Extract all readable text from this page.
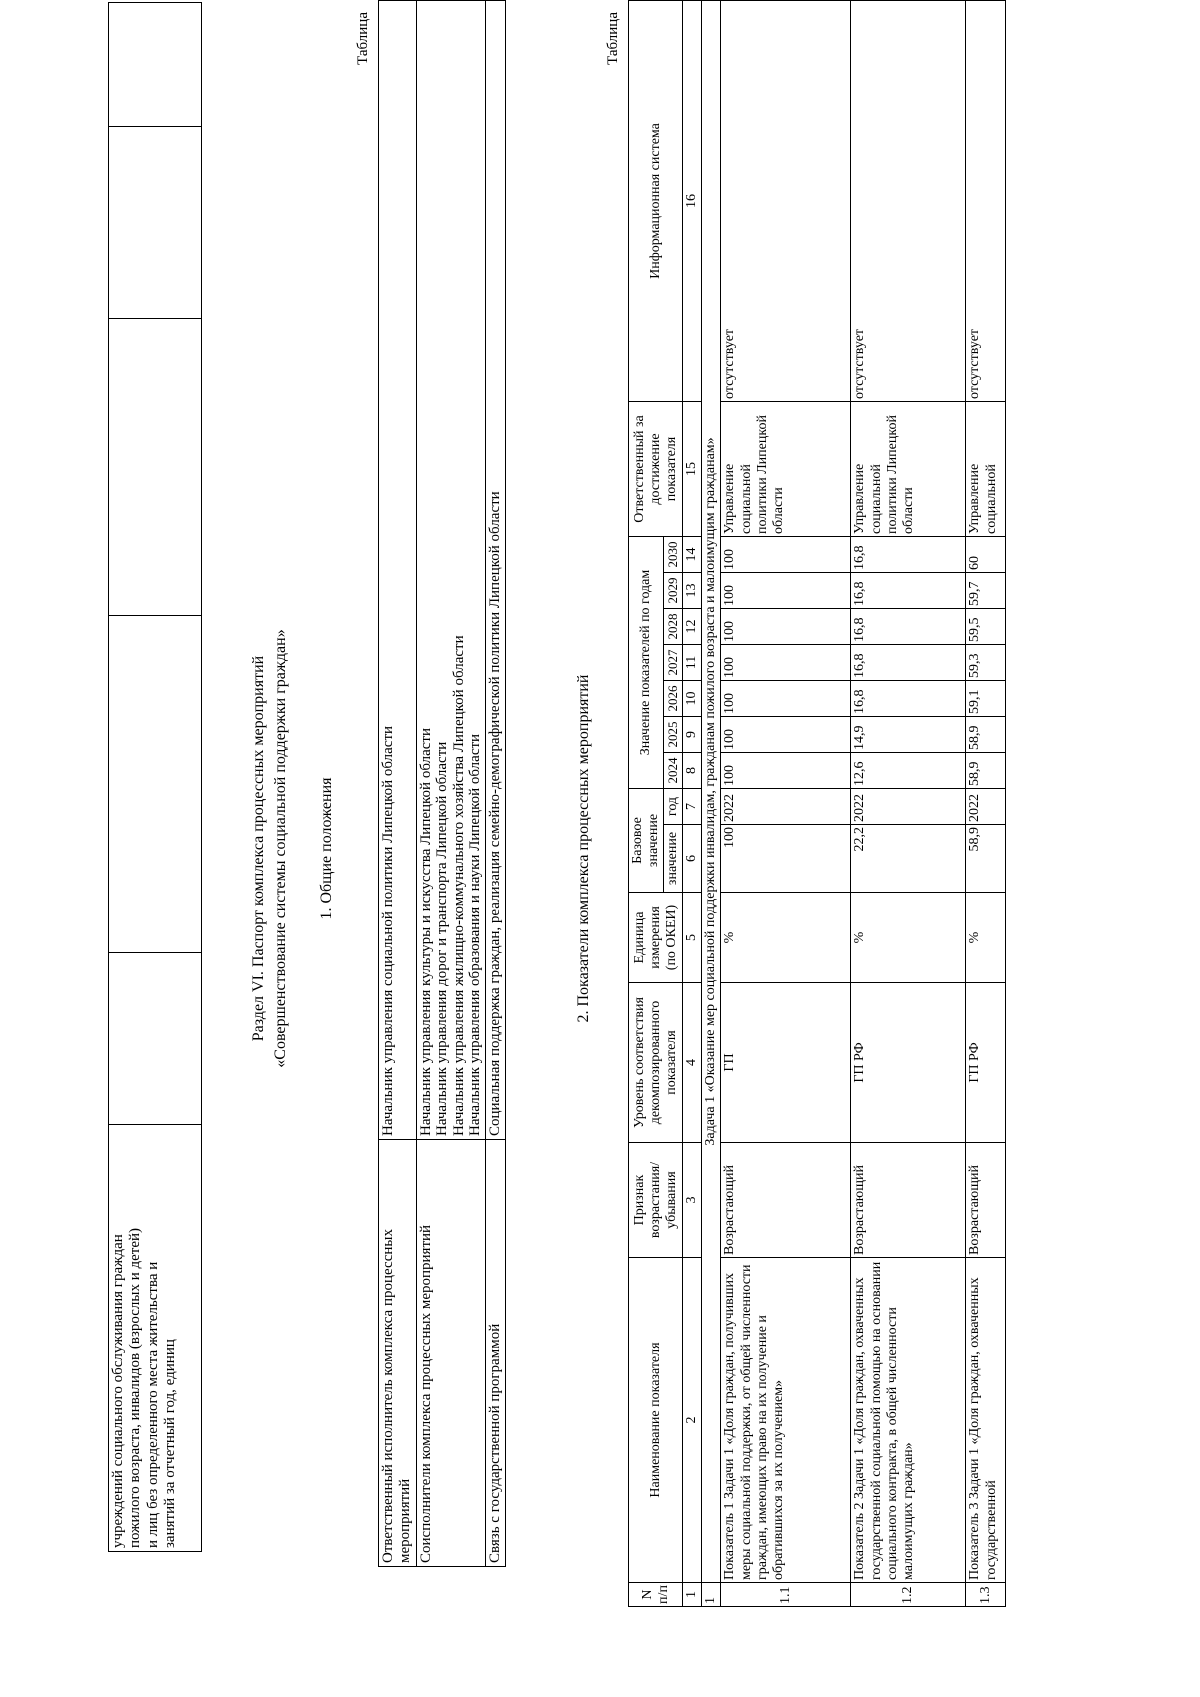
учреждений социального обслуживания граждан пожилого возраста, инвалидов (взрослых и детей) и лиц без определенного места жительства и занятий за отчетный год, единиц

Раздел VI. Паспорт комплекса процессных мероприятий «Совершенствование системы социальной поддержки граждан» 1. Общие положения
Таблица
Ответственный исполнитель комплекса процессных мероприятий	Начальник управления социальной политики Липецкой области

Соисполнители комплекса процессных мероприятий	Начальник управления культуры и искусства Липецкой области Начальник управления дорог и транспорта Липецкой области Начальник управления жилищно-коммунального хозяйства Липецкой области Начальник управления образования и науки Липецкой области

Связь с государственной программой	Социальная поддержка граждан, реализация семейно-демографической политики Липецкой области	2. Показатели комплекса процессных мероприятий
Таблица
N п/п	Наименование показателя	Признак возрастания/ убывания	Уровень соответствия декомпозированного показателя	Единица измерения (по ОКЕИ)	Базовое значение		Значение показателей по годам							Ответственный за достижение показателя	Информационная система
					значение	год	2024	2025	2026	2027	2028	2029	2030		
1	2	3	4	5	6	7	8	9	10	11	12	13	14	15	16
1	Задача 1 «Оказание мер социальной поддержки инвалидам, гражданам пожилого возраста и малоимущим гражданам»														
1.1	Показатель 1 Задачи 1 «Доля граждан, получивших меры социальной поддержки, от общей численности граждан, имеющих право на их получение и обратившихся за их получением»	Возрастающий	ГП	%	100	2022	100	100	100	100	100	100	100	Управление социальной политики Липецкой области	отсутствует
1.2	Показатель 2 Задачи 1 «Доля граждан, охваченных государственной социальной помощью на основании социального контракта, в общей численности малоимущих граждан»	Возрастающий	ГП РФ	%	22,2	2022	12,6	14,9	16,8	16,8	16,8	16,8	16,8	Управление социальной политики Липецкой области	отсутствует
1.3	Показатель 3 Задачи 1 «Доля граждан, охваченных государственной	Возрастающий	ГП РФ	%	58,9	2022	58,9	58,9	59,1	59,3	59,5	59,7	60	Управление социальной	отсутствует
